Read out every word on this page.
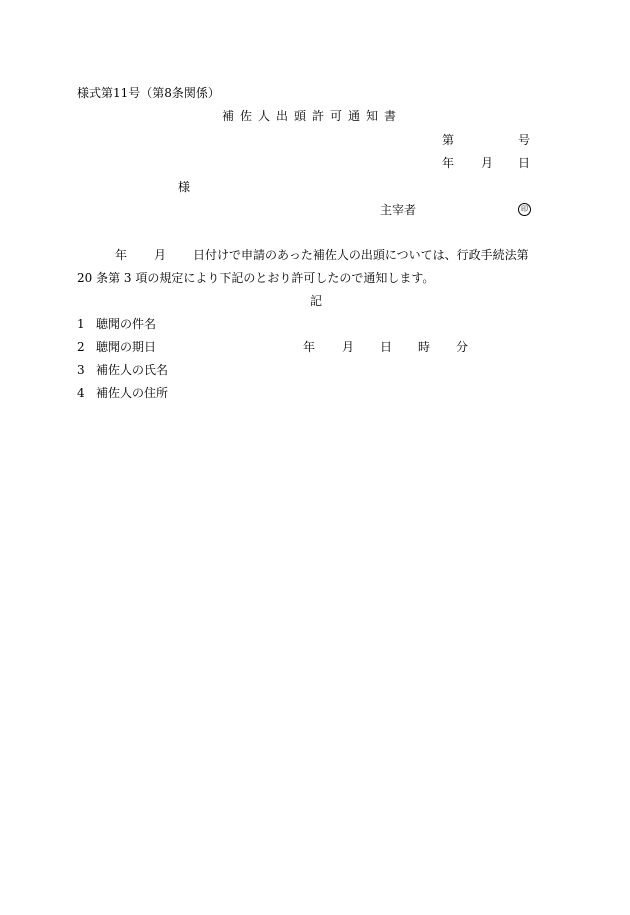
様式第11号（第8条関係）
補佐人出頭許可通知書
第	号
年 月 日
様
主宰者	印
年 月 日付けで申請のあった補佐人の出頭については、行政手続法第
20 条第 3 項の規定により下記のとおり許可したので通知します。
記
1 聴聞の件名
2 聴聞の期日	年 月 日 時 分
3 補佐人の氏名
4 補佐人の住所
